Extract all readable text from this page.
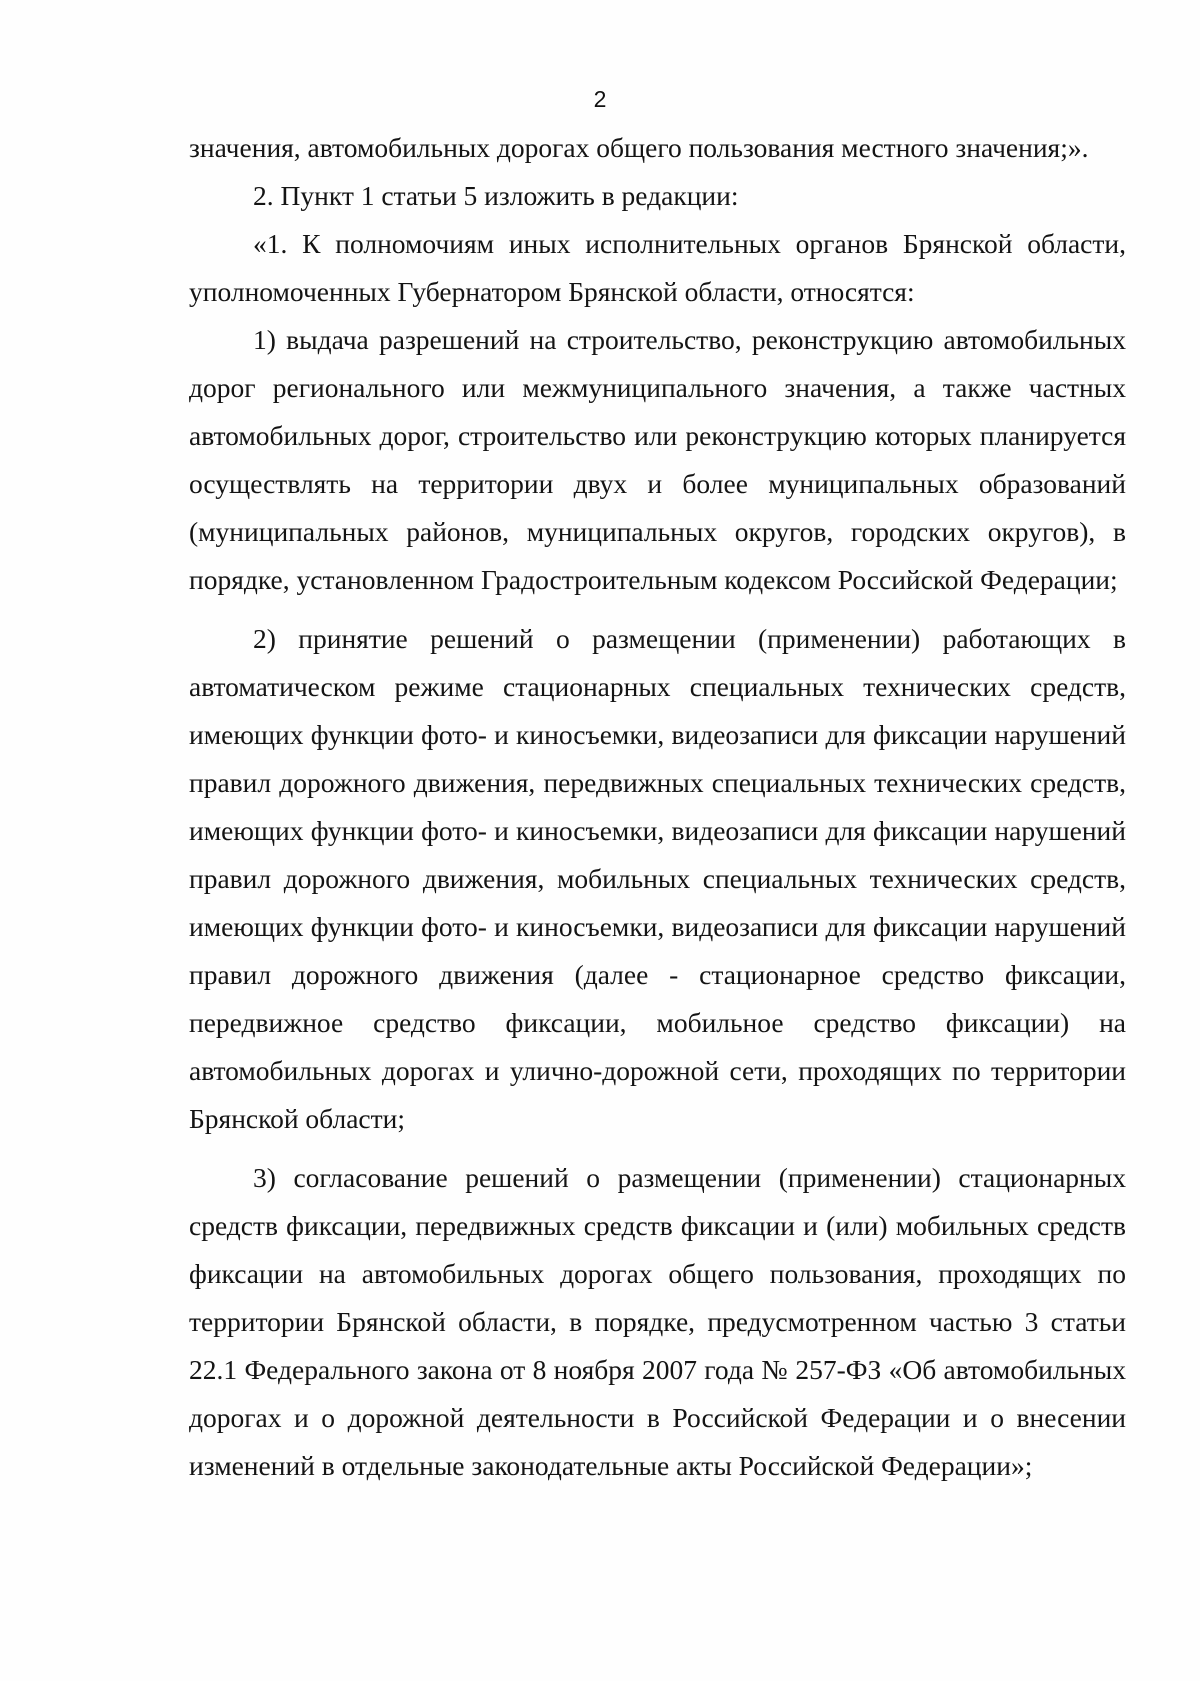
2

значения, автомобильных дорогах общего пользования местного значения;».

2. Пункт 1 статьи 5 изложить в редакции:

«1. К полномочиям иных исполнительных органов Брянской области, уполномоченных Губернатором Брянской области, относятся:

1) выдача разрешений на строительство, реконструкцию автомобильных дорог регионального или межмуниципального значения, а также частных автомобильных дорог, строительство или реконструкцию которых планируется осуществлять на территории двух и более муниципальных образований (муниципальных районов, муниципальных округов, городских округов), в порядке, установленном Градостроительным кодексом Российской Федерации;

2) принятие решений о размещении (применении) работающих в автоматическом режиме стационарных специальных технических средств, имеющих функции фото- и киносъемки, видеозаписи для фиксации нарушений правил дорожного движения, передвижных специальных технических средств, имеющих функции фото- и киносъемки, видеозаписи для фиксации нарушений правил дорожного движения, мобильных специальных технических средств, имеющих функции фото- и киносъемки, видеозаписи для фиксации нарушений правил дорожного движения (далее - стационарное средство фиксации, передвижное средство фиксации, мобильное средство фиксации) на автомобильных дорогах и улично-дорожной сети, проходящих по территории Брянской области;

3) согласование решений о размещении (применении) стационарных средств фиксации, передвижных средств фиксации и (или) мобильных средств фиксации на автомобильных дорогах общего пользования, проходящих по территории Брянской области, в порядке, предусмотренном частью 3 статьи 22.1 Федерального закона от 8 ноября 2007 года № 257-ФЗ «Об автомобильных дорогах и о дорожной деятельности в Российской Федерации и о внесении изменений в отдельные законодательные акты Российской Федерации»;
